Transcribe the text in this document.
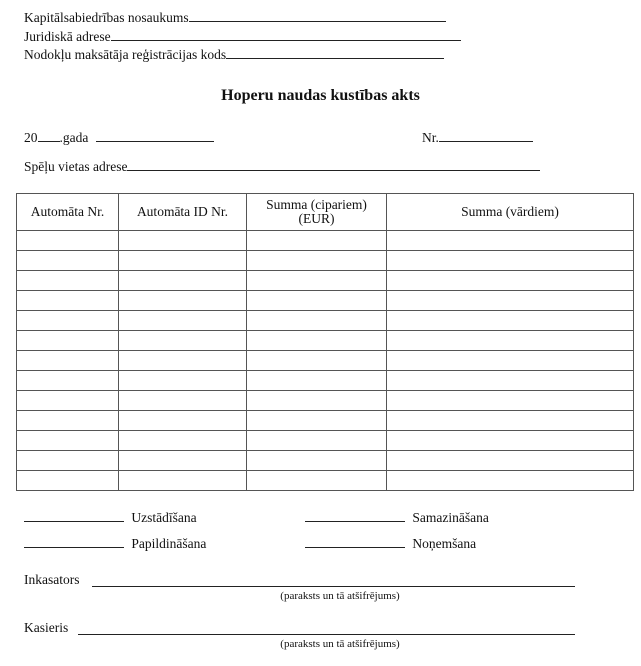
Kapitālsabiedrības nosaukums
Juridiskā adrese
Nodokļu maksātāja reģistrācijas kods
Hoperu naudas kustības akts
20 .gada	Nr.
Spēļu vietas adrese
Automāta Nr.	Automāta ID Nr.	Summa (cipariem) (EUR)	Summa (vārdiem)

Uzstādīšana	Samazināšana
Papildināšana	Noņemšana
Inkasators
(paraksts un tā atšifrējums)
Kasieris
(paraksts un tā atšifrējums)
